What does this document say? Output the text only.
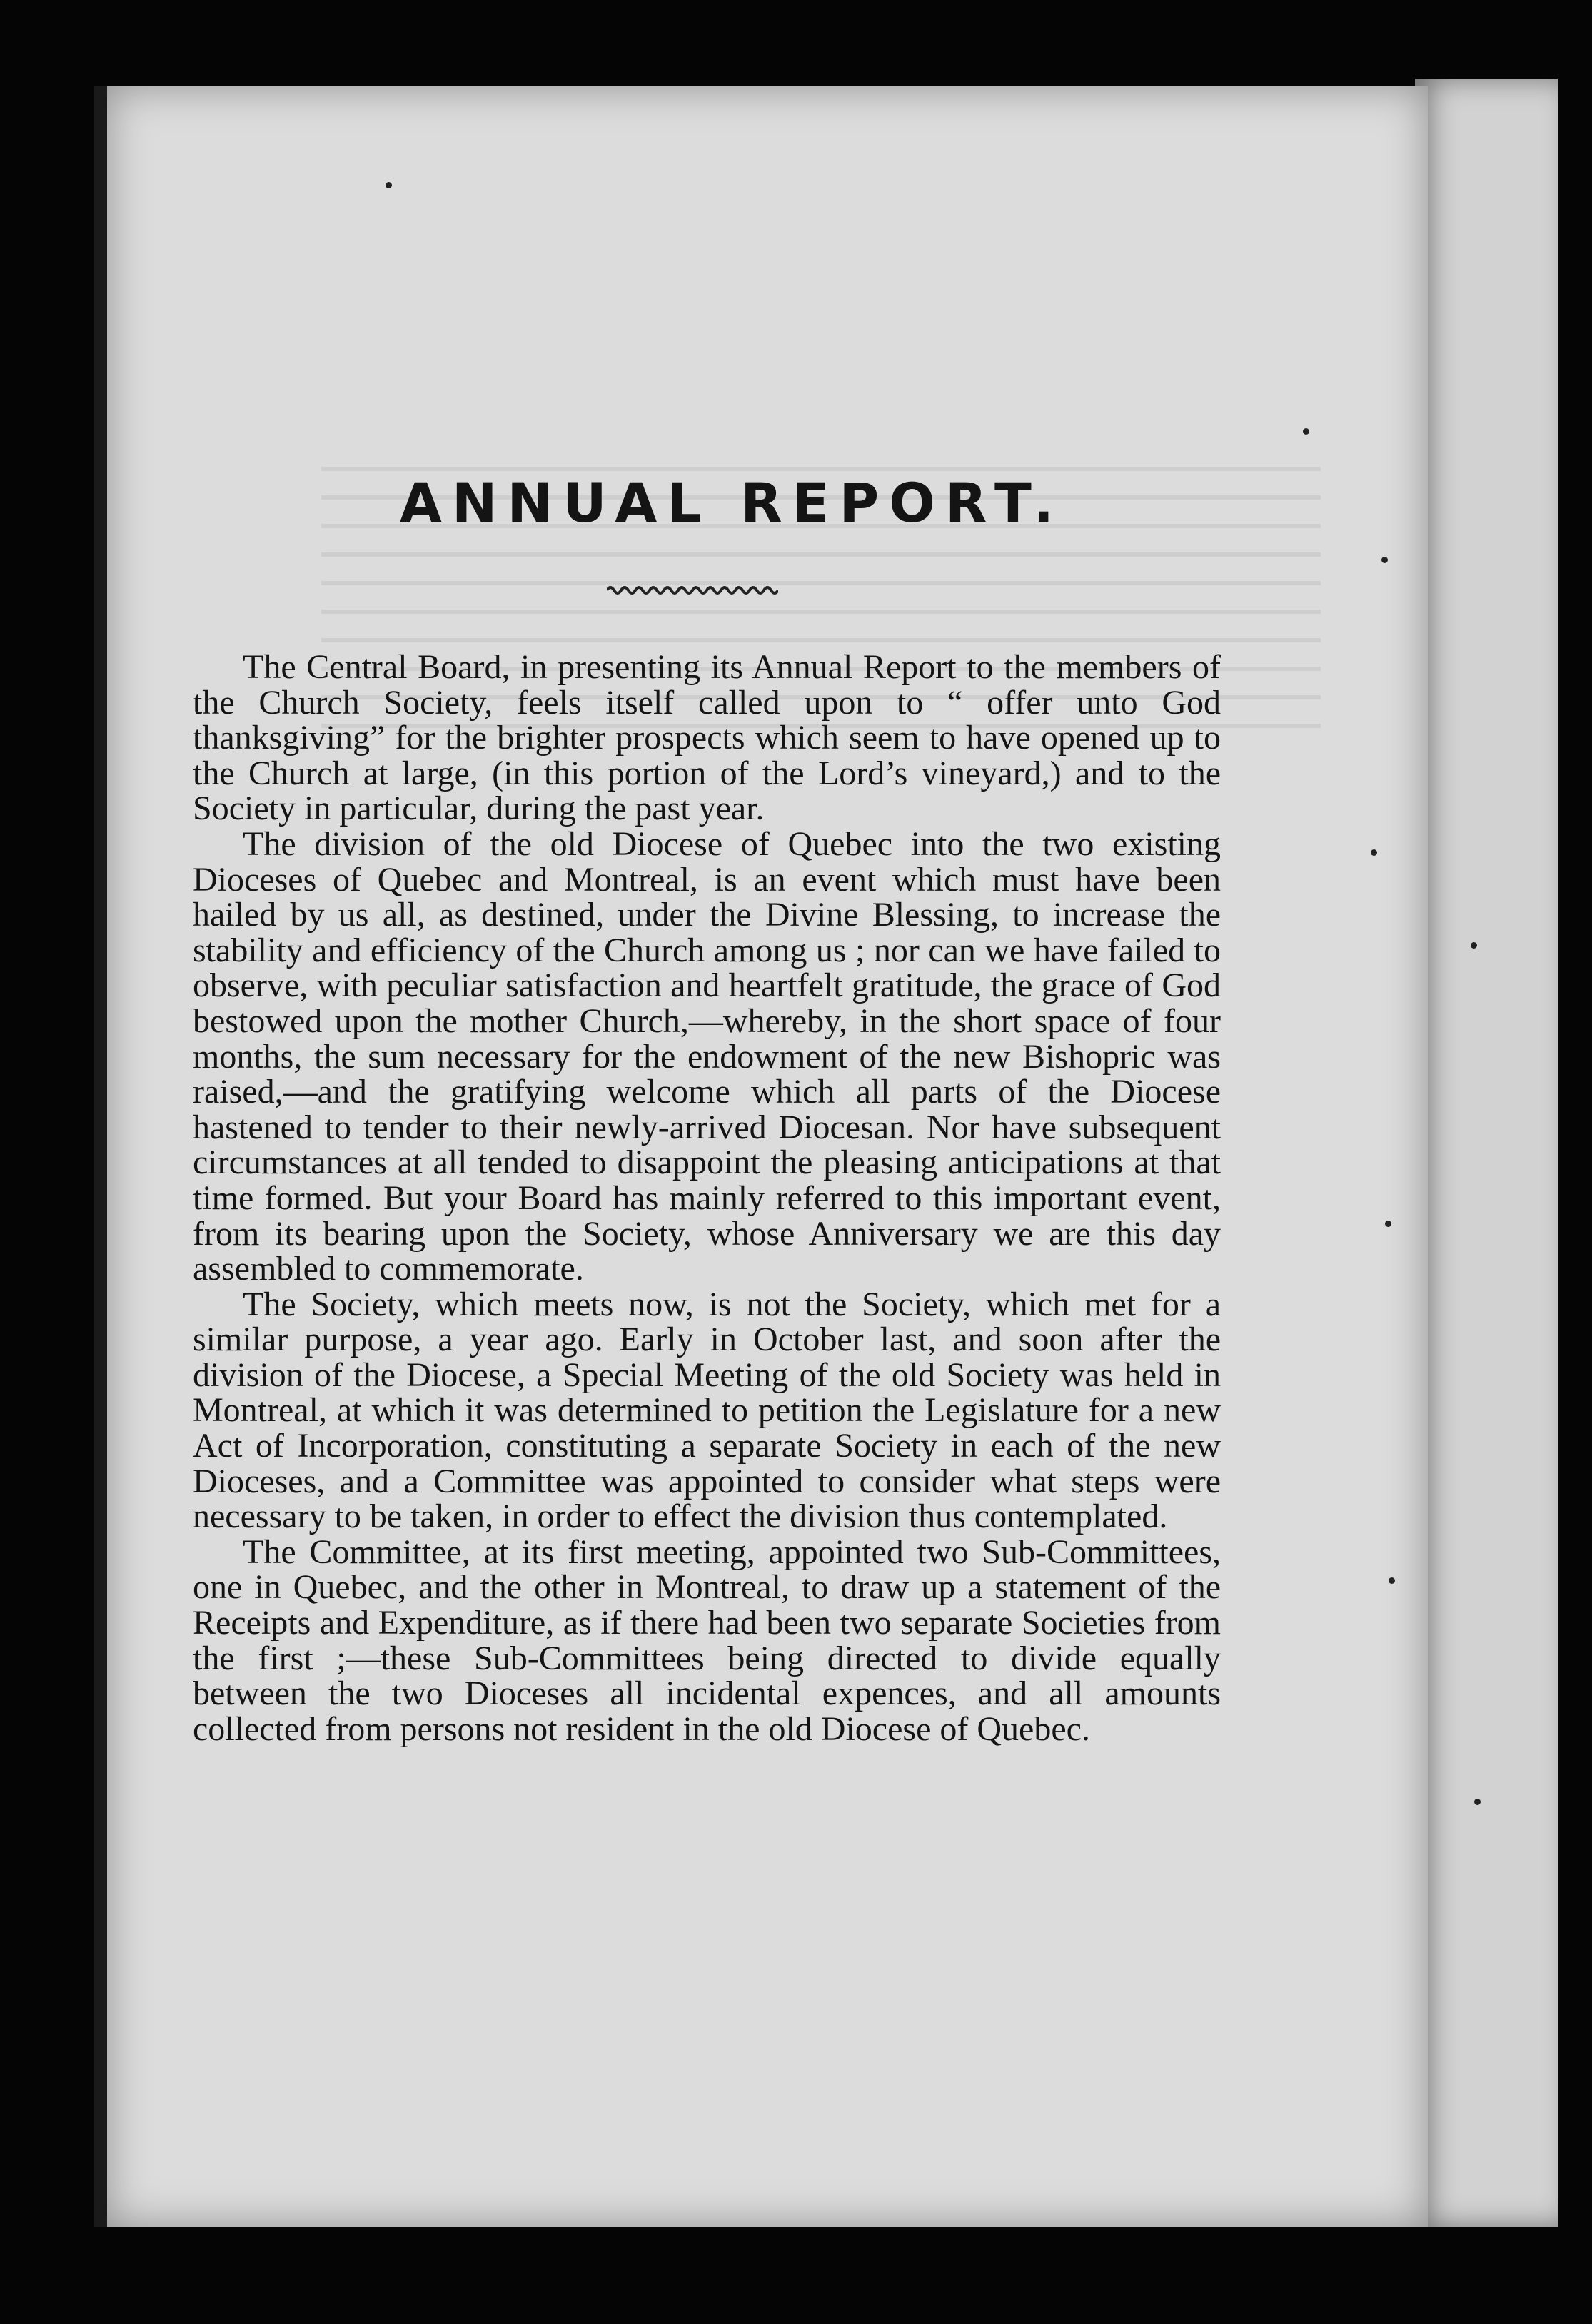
ANNUAL REPORT.

The Central Board, in presenting its Annual Report to the members of the Church Society, feels itself called upon to “ offer unto God thanksgiving” for the brighter prospects which seem to have opened up to the Church at large, (in this portion of the Lord’s vineyard,) and to the Society in particular, during the past year.

The division of the old Diocese of Quebec into the two existing Dioceses of Quebec and Montreal, is an event which must have been hailed by us all, as destined, under the Divine Blessing, to increase the stability and efficiency of the Church among us ; nor can we have failed to observe, with peculiar satisfaction and heartfelt gratitude, the grace of God bestowed upon the mother Church,—whereby, in the short space of four months, the sum necessary for the endowment of the new Bishopric was raised,—and the gratifying welcome which all parts of the Diocese hastened to tender to their newly-arrived Diocesan. Nor have subsequent circumstances at all tended to disappoint the pleasing anticipations at that time formed. But your Board has mainly referred to this important event, from its bearing upon the Society, whose Anniversary we are this day assembled to commemorate.

The Society, which meets now, is not the Society, which met for a similar purpose, a year ago. Early in October last, and soon after the division of the Diocese, a Special Meeting of the old Society was held in Montreal, at which it was determined to petition the Legislature for a new Act of Incorporation, constituting a separate Society in each of the new Dioceses, and a Committee was appointed to consider what steps were necessary to be taken, in order to effect the division thus contemplated.

The Committee, at its first meeting, appointed two Sub-Committees, one in Quebec, and the other in Montreal, to draw up a statement of the Receipts and Expenditure, as if there had been two separate Societies from the first ;—these Sub-Committees being directed to divide equally between the two Dioceses all incidental expences, and all amounts collected from persons not resident in the old Diocese of Quebec.
